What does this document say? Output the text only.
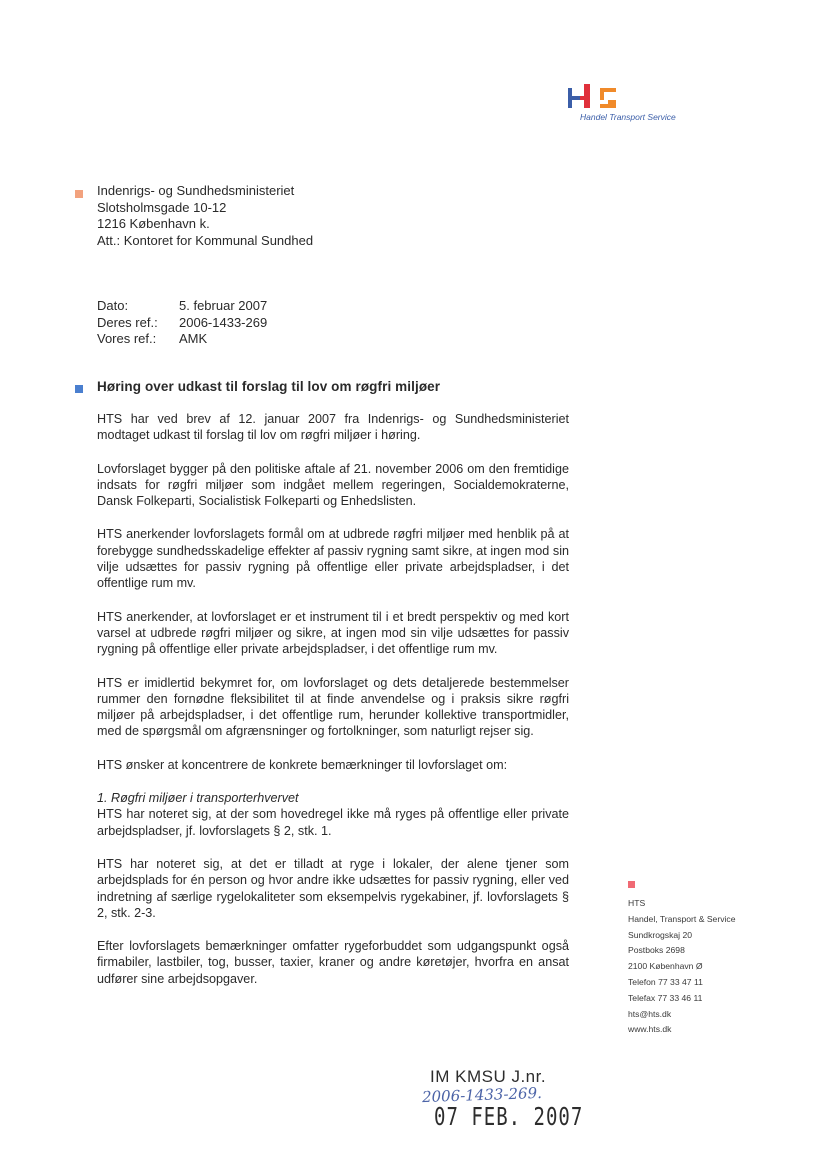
Handel Transport Service
Indenrigs- og Sundhedsministeriet
Slotsholmsgade 10-12
1216 København k.
Att.: Kontoret for Kommunal Sundhed
Dato:	5. februar 2007
Deres ref.:	2006-1433-269
Vores ref.:	AMK
Høring over udkast til forslag til lov om røgfri miljøer

HTS har ved brev af 12. januar 2007 fra Indenrigs- og Sundhedsministeriet modtaget udkast til forslag til lov om røgfri miljøer i høring.

Lovforslaget bygger på den politiske aftale af 21. november 2006 om den fremtidige indsats for røgfri miljøer som indgået mellem regeringen, Socialdemokraterne, Dansk Folkeparti, Socialistisk Folkeparti og Enhedslisten.

HTS anerkender lovforslagets formål om at udbrede røgfri miljøer med henblik på at forebygge sundhedsskadelige effekter af passiv rygning samt sikre, at ingen mod sin vilje udsættes for passiv rygning på offentlige eller private arbejdspladser, i det offentlige rum mv.

HTS anerkender, at lovforslaget er et instrument til i et bredt perspektiv og med kort varsel at udbrede røgfri miljøer og sikre, at ingen mod sin vilje udsættes for passiv rygning på offentlige eller private arbejdspladser, i det offentlige rum mv.

HTS er imidlertid bekymret for, om lovforslaget og dets detaljerede bestemmelser rummer den fornødne fleksibilitet til at finde anvendelse og i praksis sikre røgfri miljøer på arbejdspladser, i det offentlige rum, herunder kollektive transportmidler, med de spørgsmål om afgrænsninger og fortolkninger, som naturligt rejser sig.

HTS ønsker at koncentrere de konkrete bemærkninger til lovforslaget om:

1. Røgfri miljøer i transporterhvervet

HTS har noteret sig, at der som hovedregel ikke må ryges på offentlige eller private arbejdspladser, jf. lovforslagets § 2, stk. 1.

HTS har noteret sig, at det er tilladt at ryge i lokaler, der alene tjener som arbejdsplads for én person og hvor andre ikke udsættes for passiv rygning, eller ved indretning af særlige rygelokaliteter som eksempelvis rygekabiner, jf. lovforslagets § 2, stk. 2-3.

Efter lovforslagets bemærkninger omfatter rygeforbuddet som udgangspunkt også firmabiler, lastbiler, tog, busser, taxier, kraner og andre køretøjer, hvorfra en ansat udfører sine arbejdsopgaver.

HTS
Handel, Transport & Service
Sundkrogskaj 20
Postboks 2698
2100 København Ø
Telefon 77 33 47 11
Telefax 77 33 46 11
hts@hts.dk
www.hts.dk
IM KMSU J.nr.
2006-1433-269.
07 FEB. 2007
